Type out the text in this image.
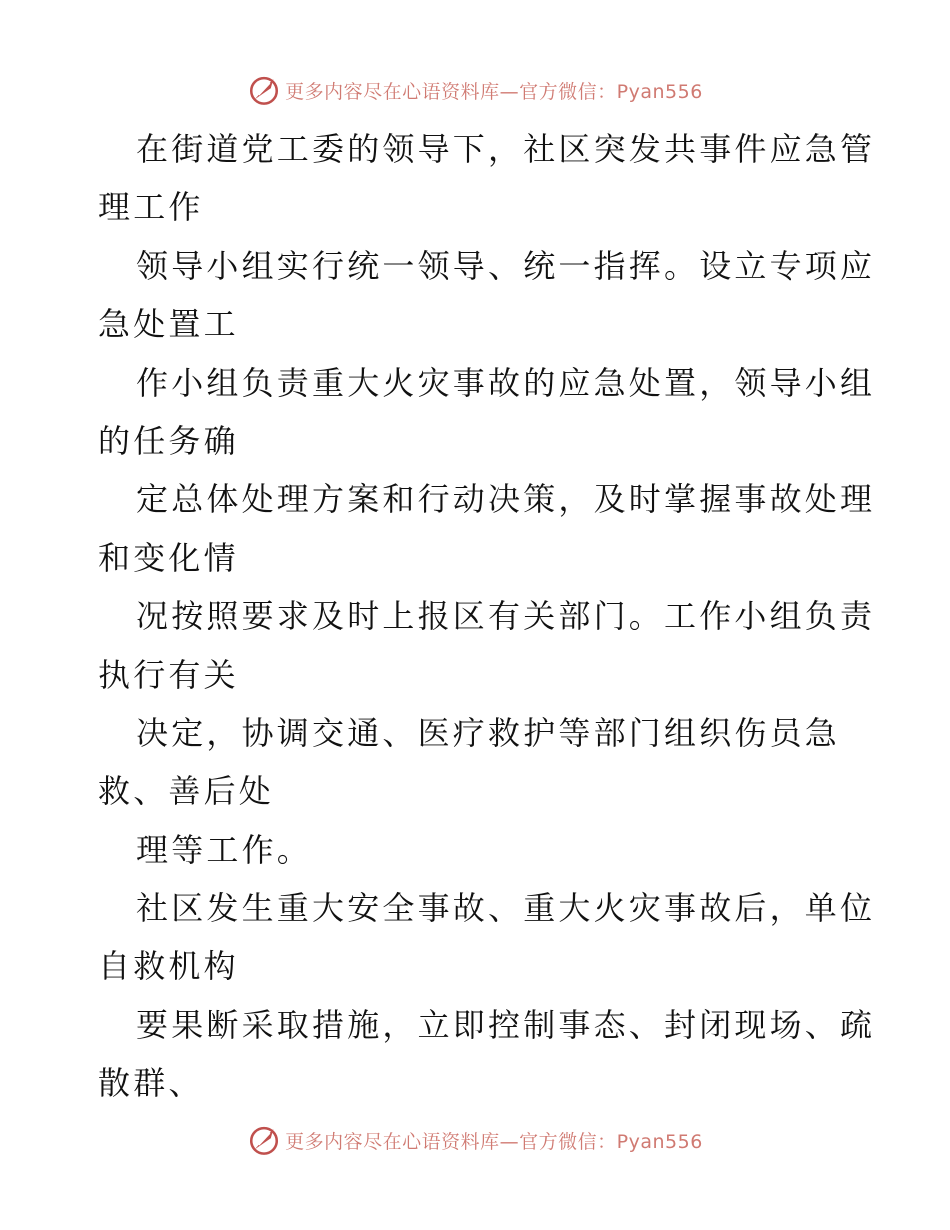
更多内容尽在心语资料库—官方微信：Pyan556
在街道党工委的领导下，社区突发共事件应急管
理工作
领导小组实行统一领导、统一指挥。设立专项应
急处置工
作小组负责重大火灾事故的应急处置，领导小组
的任务确
定总体处理方案和行动决策，及时掌握事故处理
和变化情
况按照要求及时上报区有关部门。工作小组负责
执行有关
决定，协调交通、医疗救护等部门组织伤员急
救、善后处
理等工作。
社区发生重大安全事故、重大火灾事故后，单位
自救机构
要果断采取措施，立即控制事态、封闭现场、疏
散群、
更多内容尽在心语资料库—官方微信：Pyan556
